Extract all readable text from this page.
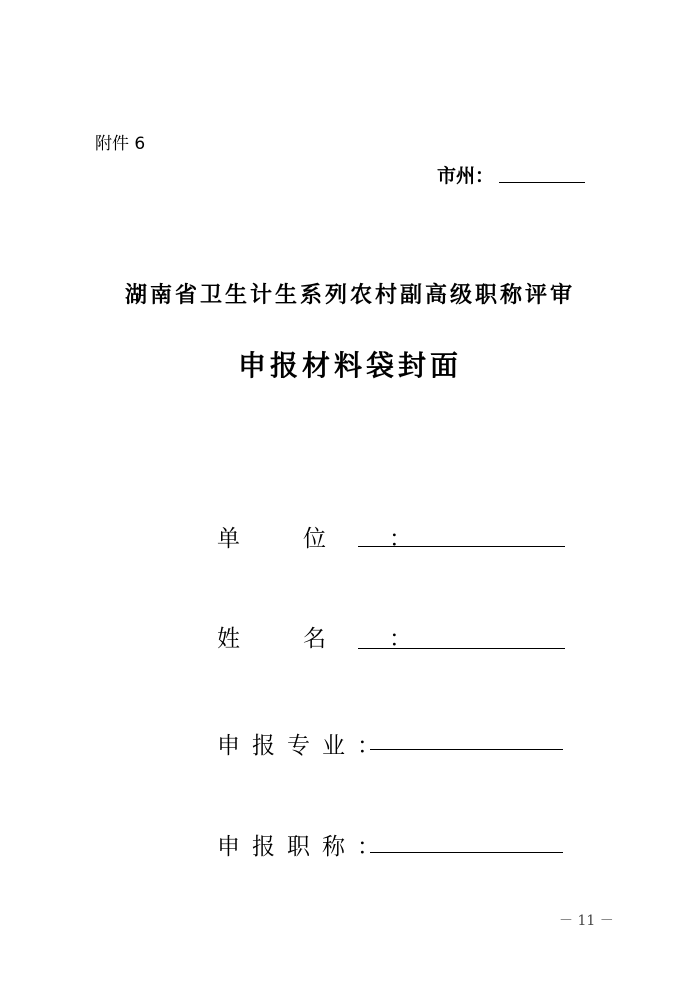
附件 6
市州：
湖南省卫生计生系列农村副高级职称评审
申报材料袋封面
单位：
姓名：
申报专业：
申报职称：
－ 11 －
